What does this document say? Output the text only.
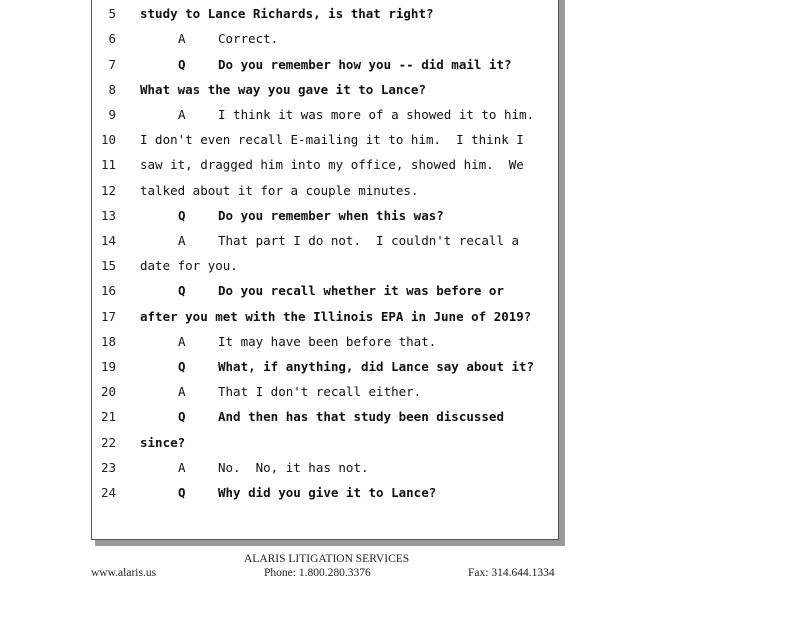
5 study to Lance Richards, is that right?
6	A	Correct.
7	Q	Do you remember how you -- did mail it?
8 What was the way you gave it to Lance?
9	A	I think it was more of a showed it to him.
10 I don't even recall E-mailing it to him.  I think I
11 saw it, dragged him into my office, showed him.  We
12 talked about it for a couple minutes.
13	Q	Do you remember when this was?
14	A	That part I do not.  I couldn't recall a
15 date for you.
16	Q	Do you recall whether it was before or
17 after you met with the Illinois EPA in June of 2019?
18	A	It may have been before that.
19	Q	What, if anything, did Lance say about it?
20	A	That I don't recall either.
21	Q	And then has that study been discussed
22 since?
23	A	No.  No, it has not.
24	Q	Why did you give it to Lance?
ALARIS LITIGATION SERVICES
www.alaris.us	Phone: 1.800.280.3376	Fax: 314.644.1334
